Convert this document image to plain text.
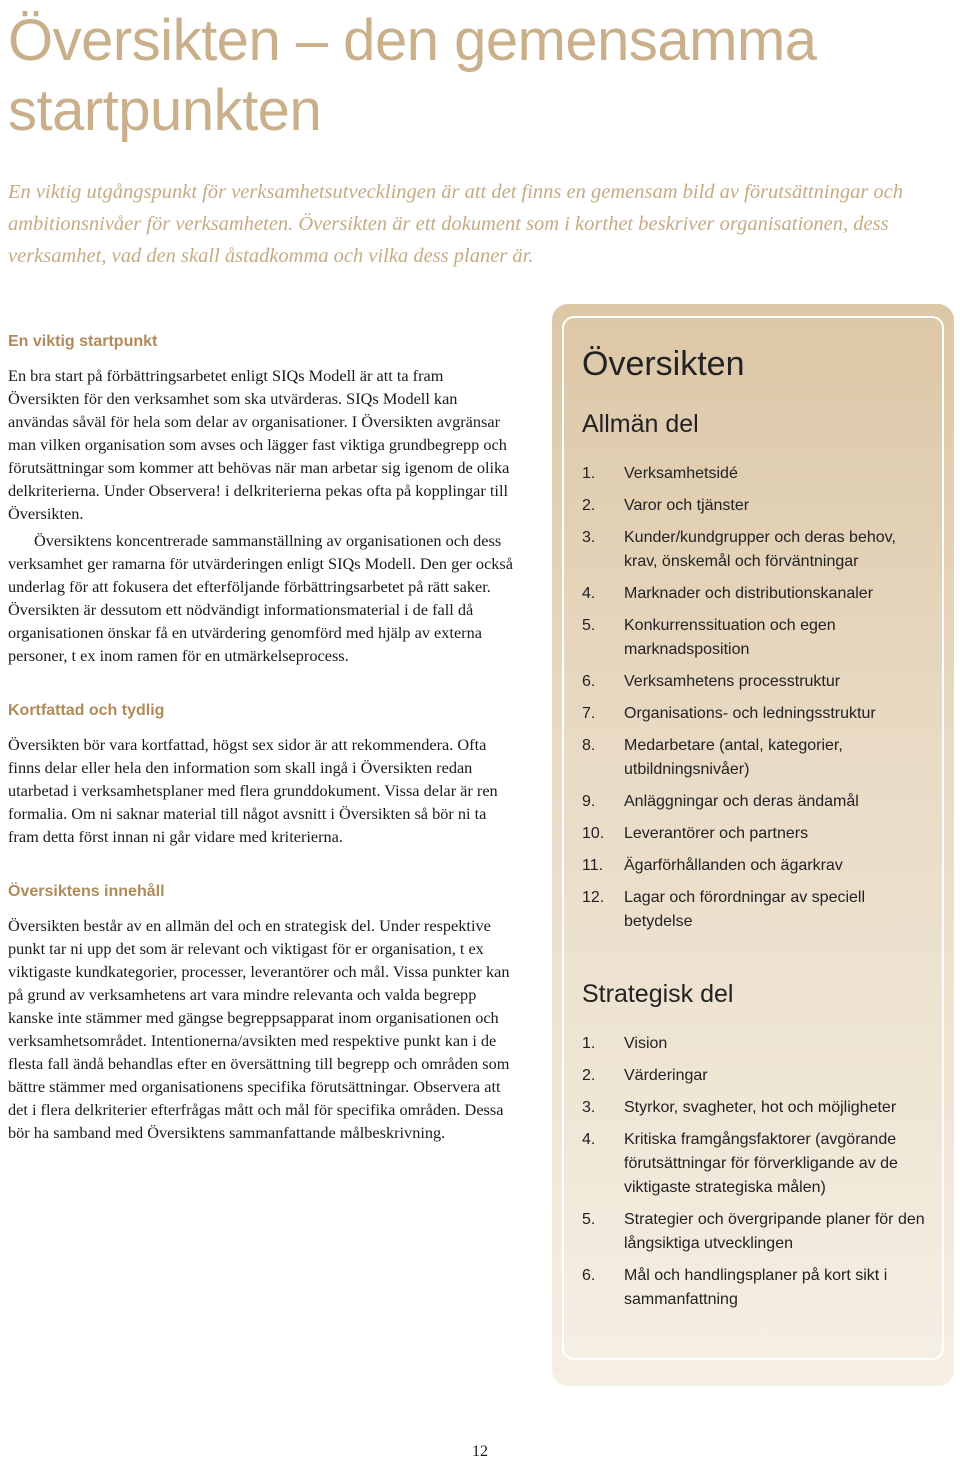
Översikten – den gemensamma startpunkten

En viktig utgångspunkt för verksamhetsutvecklingen är att det finns en gemensam bild av förutsättningar och ambitionsnivåer för verksamheten. Översikten är ett dokument som i korthet beskriver organisationen, dess verksamhet, vad den skall åstadkomma och vilka dess planer är.

En viktig startpunkt

En bra start på förbättringsarbetet enligt SIQs Modell är att ta fram Översikten för den verksamhet som ska utvärderas. SIQs Modell kan användas såväl för hela som delar av organisationer. I Översikten avgränsar man vilken organisation som avses och lägger fast viktiga grundbegrepp och förutsättningar som kommer att behövas när man arbetar sig igenom de olika delkriterierna. Under Observera! i delkriterierna pekas ofta på kopplingar till Översikten.

Översiktens koncentrerade sammanställning av organisationen och dess verksamhet ger ramarna för utvärderingen enligt SIQs Modell. Den ger också underlag för att fokusera det efterföljande förbättringsarbetet på rätt saker. Översikten är dessutom ett nödvändigt informationsmaterial i de fall då organisationen önskar få en utvärdering genomförd med hjälp av externa personer, t ex inom ramen för en utmärkelseprocess.

Kortfattad och tydlig

Översikten bör vara kortfattad, högst sex sidor är att rekommendera. Ofta finns delar eller hela den information som skall ingå i Översikten redan utarbetad i verksamhetsplaner med flera grunddokument. Vissa delar är ren formalia. Om ni saknar material till något avsnitt i Översikten så bör ni ta fram detta först innan ni går vidare med kriterierna.

Översiktens innehåll

Översikten består av en allmän del och en strategisk del. Under respektive punkt tar ni upp det som är relevant och viktigast för er organisation, t ex viktigaste kundkategorier, processer, leverantörer och mål. Vissa punkter kan på grund av verksamhetens art vara mindre relevanta och valda begrepp kanske inte stämmer med gängse begreppsapparat inom organisationen och verksamhetsområdet. Intentionerna/avsikten med respektive punkt kan i de flesta fall ändå behandlas efter en översättning till begrepp och områden som bättre stämmer med organisationens specifika förutsättningar. Observera att det i flera delkriterier efterfrågas mått och mål för specifika områden. Dessa bör ha samband med Översiktens sammanfattande målbeskrivning.

Översikten
Allmän del
1.	Verksamhetsidé
2.	Varor och tjänster
3.	Kunder/kundgrupper och deras behov, krav, önskemål och förväntningar
4.	Marknader och distributionskanaler
5.	Konkurrenssituation och egen marknadsposition
6.	Verksamhetens processtruktur
7.	Organisations- och ledningsstruktur
8.	Medarbetare (antal, kategorier, utbildningsnivåer)
9.	Anläggningar och deras ändamål
10.	Leverantörer och partners
11.	Ägarförhållanden och ägarkrav
12.	Lagar och förordningar av speciell betydelse
Strategisk del
1.	Vision
2.	Värderingar
3.	Styrkor, svagheter, hot och möjligheter
4.	Kritiska framgångsfaktorer (avgörande förutsättningar för förverkligande av de viktigaste strategiska målen)
5.	Strategier och övergripande planer för den långsiktiga utvecklingen
6.	Mål och handlingsplaner på kort sikt i sammanfattning
12
